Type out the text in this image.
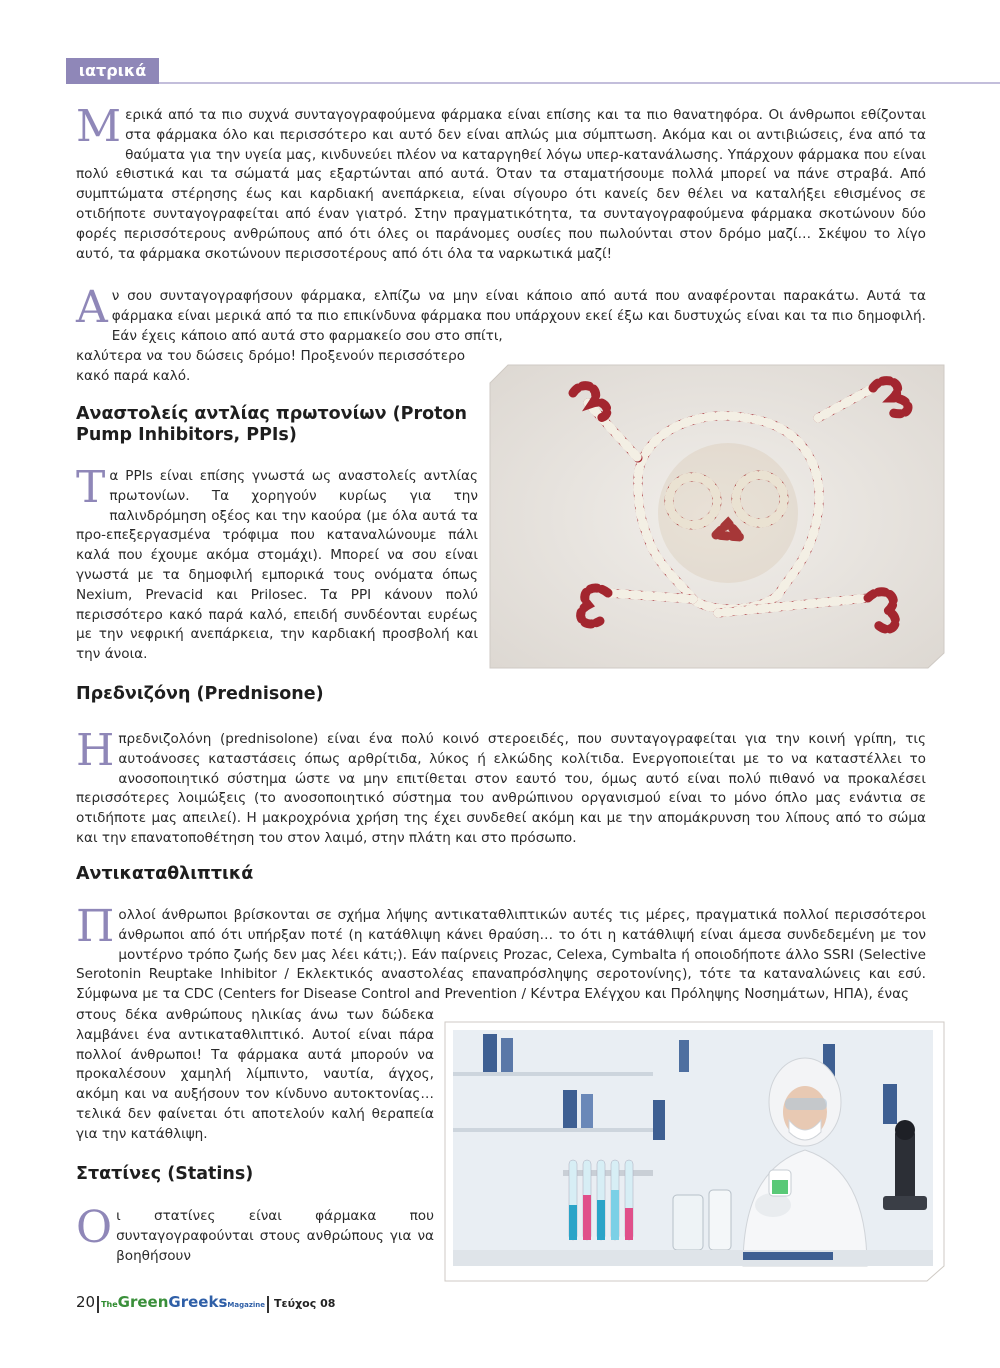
ιατρικά

Μερικά από τα πιο συχνά συνταγογραφούμενα φάρμακα είναι επίσης και τα πιο θανατηφόρα. Οι άνθρωποι εθίζονται στα φάρμακα όλο και περισσότερο και αυτό δεν είναι απλώς μια σύμπτωση. Ακόμα και οι αντιβιώσεις, ένα από τα θαύματα για την υγεία μας, κινδυνεύει πλέον να καταργηθεί λόγω υπερ-κατανάλωσης. Υπάρχουν φάρμακα που είναι πολύ εθιστικά και τα σώματά μας εξαρτώνται από αυτά. Όταν τα σταματήσουμε πολλά μπορεί να πάνε στραβά. Από συμπτώματα στέρησης έως και καρδιακή ανεπάρκεια, είναι σίγουρο ότι κανείς δεν θέλει να καταλήξει εθισμένος σε οτιδήποτε συνταγογραφείται από έναν γιατρό. Στην πραγματικότητα, τα συνταγογραφούμενα φάρμακα σκοτώνουν δύο φορές περισσότερους ανθρώπους από ότι όλες οι παράνομες ουσίες που πωλούνται στον δρόμο μαζί… Σκέψου το λίγο αυτό, τα φάρμακα σκοτώνουν περισσοτέρους από ότι όλα τα ναρκωτικά μαζί!

Αν σου συνταγογραφήσουν φάρμακα, ελπίζω να μην είναι κάποιο από αυτά που αναφέρονται παρακάτω. Αυτά τα φάρμακα είναι μερικά από τα πιο επικίνδυνα φάρμακα που υπάρχουν εκεί έξω και δυστυχώς είναι και τα πιο δημοφιλή. Εάν έχεις κάποιο από αυτά στο φαρμακείο σου στο σπίτι,

καλύτερα να του δώσεις δρόμο! Προξενούν περισσότερο κακό παρά καλό.

Αναστολείς αντλίας πρωτονίων (Proton Pump Inhibitors, PPIs)

Τα PPIs είναι επίσης γνωστά ως αναστολείς αντλίας πρωτονίων. Τα χορηγούν κυρίως για την παλινδρόμηση οξέος και την καούρα (με όλα αυτά τα προ-επεξεργασμένα τρόφιμα που καταναλώνουμε πάλι καλά που έχουμε ακόμα στομάχι). Μπορεί να σου είναι γνωστά με τα δημοφιλή εμπορικά τους ονόματα όπως Nexium, Prevacid και Prilosec. Τα PPI κάνουν πολύ περισσότερο κακό παρά καλό, επειδή συνδέονται ευρέως με την νεφρική ανεπάρκεια, την καρδιακή προσβολή και την άνοια.

Πρεδνιζόνη (Prednisone)

Ηπρεδνιζολόνη (prednisolone) είναι ένα πολύ κοινό στεροειδές, που συνταγογραφείται για την κοινή γρίπη, τις αυτοάνοσες καταστάσεις όπως αρθρίτιδα, λύκος ή ελκώδης κολίτιδα. Ενεργοποιείται με το να καταστέλλει το ανοσοποιητικό σύστημα ώστε να μην επιτίθεται στον εαυτό του, όμως αυτό είναι πολύ πιθανό να προκαλέσει περισσότερες λοιμώξεις (το ανοσοποιητικό σύστημα του ανθρώπινου οργανισμού είναι το μόνο όπλο μας ενάντια σε οτιδήποτε μας απειλεί). Η μακροχρόνια χρήση της έχει συνδεθεί ακόμη και με την απομάκρυνση του λίπους από το σώμα και την επανατοποθέτηση του στον λαιμό, στην πλάτη και στο πρόσωπο.

Αντικαταθλιπτικά

Πολλοί άνθρωποι βρίσκονται σε σχήμα λήψης αντικαταθλιπτικών αυτές τις μέρες, πραγματικά πολλοί περισσότεροι άνθρωποι από ότι υπήρξαν ποτέ (η κατάθλιψη κάνει θραύση… το ότι η κατάθλιψή είναι άμεσα συνδεδεμένη με τον μοντέρνο τρόπο ζωής δεν μας λέει κάτι;). Εάν παίρνεις Prozac, Celexa, Cymbalta ή οποιοδήποτε άλλο SSRI (Selective Serotonin Reuptake Inhibitor / Εκλεκτικός αναστολέας επαναπρόσληψης σεροτονίνης), τότε τα καταναλώνεις και εσύ. Σύμφωνα με τα CDC (Centers for Disease Control and Prevention / Κέντρα Ελέγχου και Πρόληψης Νοσημάτων, ΗΠΑ), ένας

στους δέκα ανθρώπους ηλικίας άνω των δώδεκα λαμβάνει ένα αντικαταθλιπτικό. Αυτοί είναι πάρα πολλοί άνθρωποι! Τα φάρμακα αυτά μπορούν να προκαλέσουν χαμηλή λίμπιντο, ναυτία, άγχος, ακόμη και να αυξήσουν τον κίνδυνο αυτοκτονίας… τελικά δεν φαίνεται ότι αποτελούν καλή θεραπεία για την κατάθλιψη.

Στατίνες (Statins)

Οι στατίνες είναι φάρμακα που συνταγογραφούνται στους ανθρώπους για να βοηθήσουν

20 The Green Greeks Magazine Τεύχος 08
